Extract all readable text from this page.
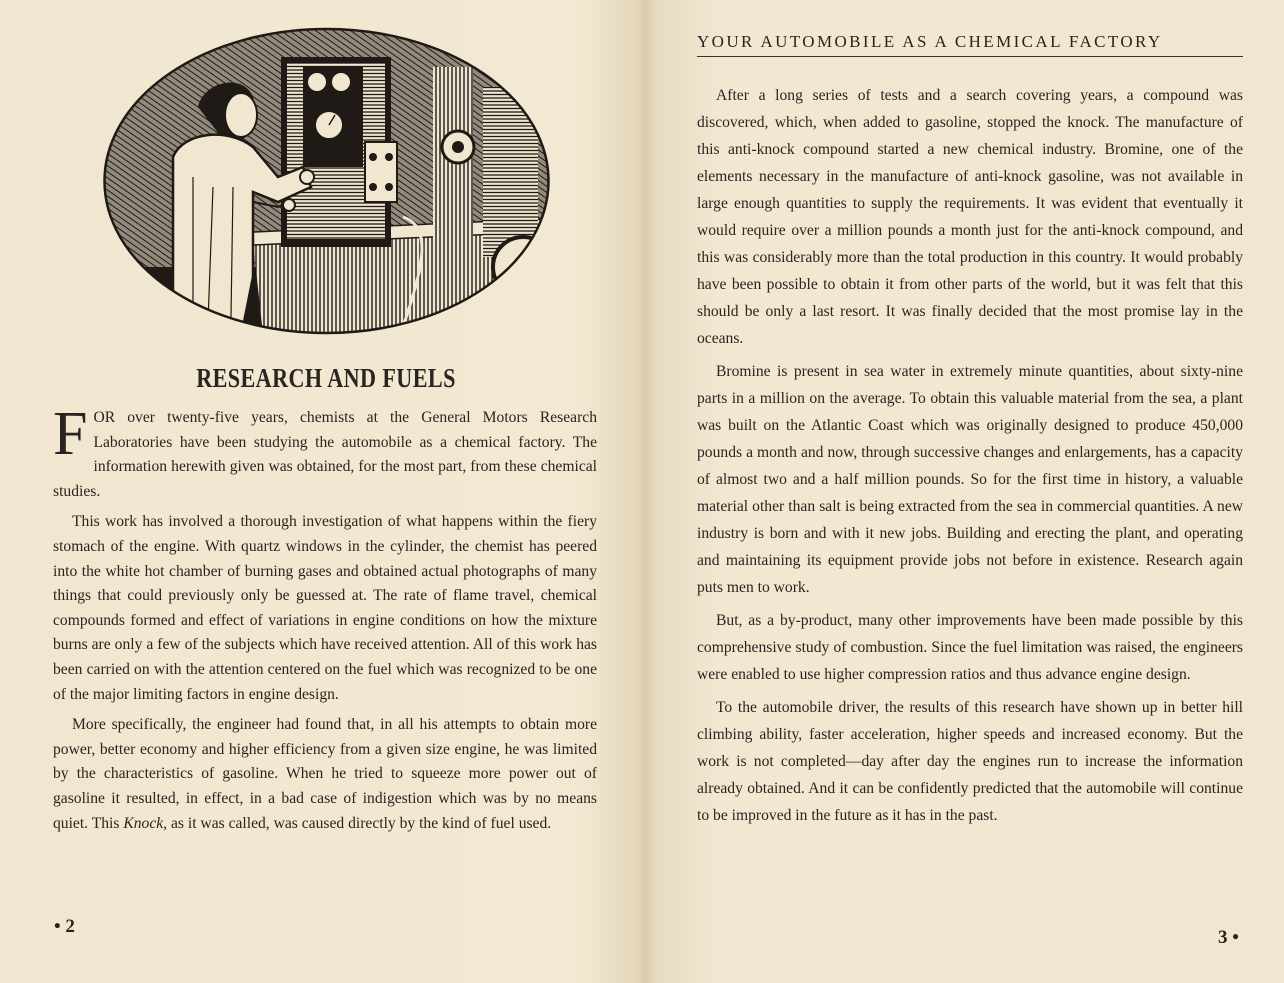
RESEARCH AND FUELS

FOR over twenty-five years, chemists at the General Motors Research Laboratories have been studying the automobile as a chemical factory. The information herewith given was obtained, for the most part, from these chemical studies.

This work has involved a thorough investigation of what happens within the fiery stomach of the engine. With quartz windows in the cylinder, the chemist has peered into the white hot chamber of burning gases and obtained actual photographs of many things that could previously only be guessed at. The rate of flame travel, chemical compounds formed and effect of variations in engine conditions on how the mixture burns are only a few of the subjects which have received attention. All of this work has been carried on with the attention centered on the fuel which was recognized to be one of the major limiting factors in engine design.

More specifically, the engineer had found that, in all his attempts to obtain more power, better economy and higher efficiency from a given size engine, he was limited by the characteristics of gasoline. When he tried to squeeze more power out of gasoline it resulted, in effect, in a bad case of indigestion which was by no means quiet. This Knock, as it was called, was caused directly by the kind of fuel used.

• 2
YOUR AUTOMOBILE AS A CHEMICAL FACTORY

After a long series of tests and a search covering years, a compound was discovered, which, when added to gasoline, stopped the knock. The manufacture of this anti-knock compound started a new chemical industry. Bromine, one of the elements necessary in the manufacture of anti-knock gasoline, was not available in large enough quantities to supply the requirements. It was evident that eventually it would require over a million pounds a month just for the anti-knock compound, and this was considerably more than the total production in this country. It would probably have been possible to obtain it from other parts of the world, but it was felt that this should be only a last resort. It was finally decided that the most promise lay in the oceans.

Bromine is present in sea water in extremely minute quantities, about sixty-nine parts in a million on the average. To obtain this valuable material from the sea, a plant was built on the Atlantic Coast which was originally designed to produce 450,000 pounds a month and now, through successive changes and enlargements, has a capacity of almost two and a half million pounds. So for the first time in history, a valuable material other than salt is being extracted from the sea in commercial quantities. A new industry is born and with it new jobs. Building and erecting the plant, and operating and maintaining its equipment provide jobs not before in existence. Research again puts men to work.

But, as a by-product, many other improvements have been made possible by this comprehensive study of combustion. Since the fuel limitation was raised, the engineers were enabled to use higher compression ratios and thus advance engine design.

To the automobile driver, the results of this research have shown up in better hill climbing ability, faster acceleration, higher speeds and increased economy. But the work is not completed—day after day the engines run to increase the information already obtained. And it can be confidently predicted that the automobile will continue to be improved in the future as it has in the past.

3 •
